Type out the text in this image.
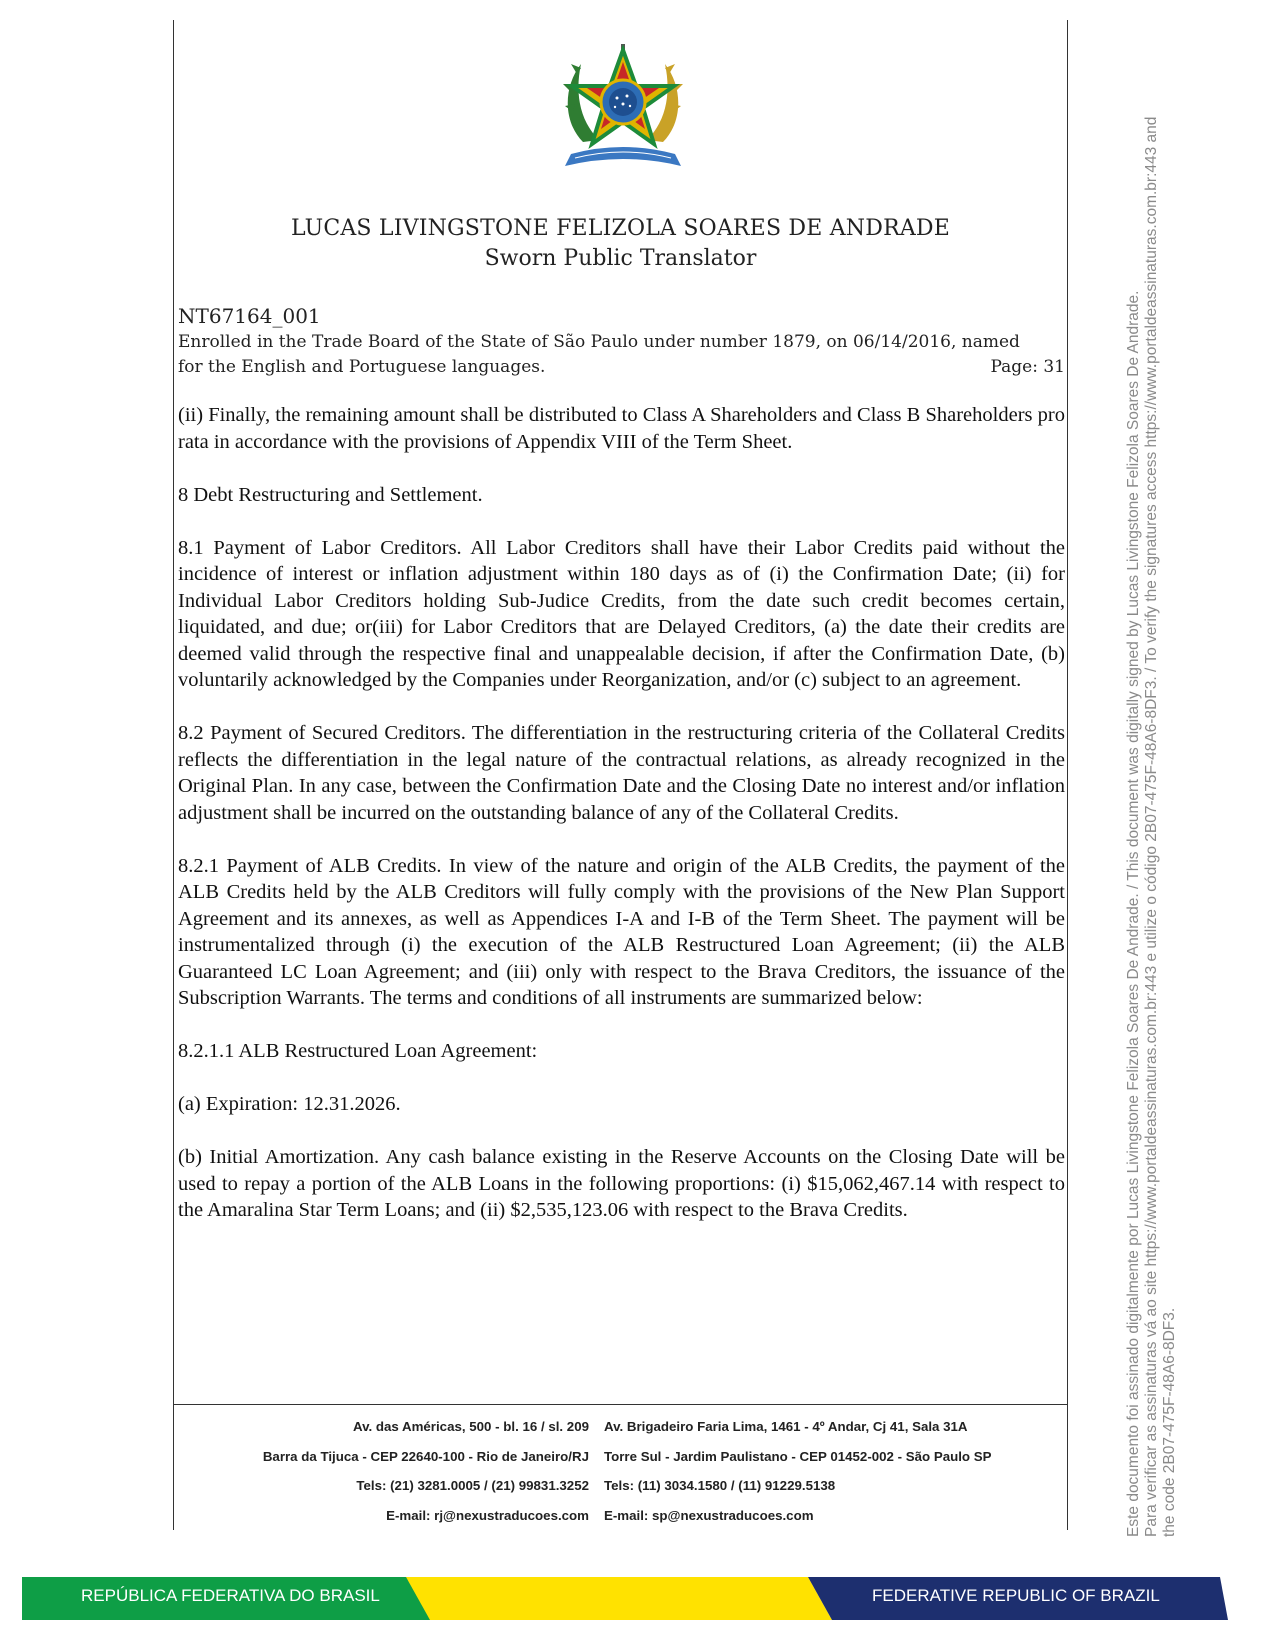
LUCAS LIVINGSTONE FELIZOLA SOARES DE ANDRADE
Sworn Public Translator
NT67164_001
Enrolled in the Trade Board of the State of São Paulo under number 1879, on 06/14/2016, named
for the English and Portuguese languages.	Page: 31

(ii) Finally, the remaining amount shall be distributed to Class A Shareholders and Class B Shareholders pro rata in accordance with the provisions of Appendix VIII of the Term Sheet.

8 Debt Restructuring and Settlement.

8.1 Payment of Labor Creditors. All Labor Creditors shall have their Labor Credits paid without the incidence of interest or inflation adjustment within 180 days as of (i) the Confirmation Date; (ii) for Individual Labor Creditors holding Sub-Judice Credits, from the date such credit becomes certain, liquidated, and due; or(iii) for Labor Creditors that are Delayed Creditors, (a) the date their credits are deemed valid through the respective final and unappealable decision, if after the Confirmation Date, (b) voluntarily acknowledged by the Companies under Reorganization, and/or (c) subject to an agreement.

8.2 Payment of Secured Creditors. The differentiation in the restructuring criteria of the Collateral Credits reflects the differentiation in the legal nature of the contractual relations, as already recognized in the Original Plan. In any case, between the Confirmation Date and the Closing Date no interest and/or inflation adjustment shall be incurred on the outstanding balance of any of the Collateral Credits.

8.2.1 Payment of ALB Credits. In view of the nature and origin of the ALB Credits, the payment of the ALB Credits held by the ALB Creditors will fully comply with the provisions of the New Plan Support Agreement and its annexes, as well as Appendices I-A and I-B of the Term Sheet. The payment will be instrumentalized through (i) the execution of the ALB Restructured Loan Agreement; (ii) the ALB Guaranteed LC Loan Agreement; and (iii) only with respect to the Brava Creditors, the issuance of the Subscription Warrants. The terms and conditions of all instruments are summarized below:

8.2.1.1 ALB Restructured Loan Agreement:

(a) Expiration: 12.31.2026.

(b) Initial Amortization. Any cash balance existing in the Reserve Accounts on the Closing Date will be used to repay a portion of the ALB Loans in the following proportions: (i) $15,062,467.14 with respect to the Amaralina Star Term Loans; and (ii) $2,535,123.06 with respect to the Brava Credits.

Av. das Américas, 500 - bl. 16 / sl. 209
Barra da Tijuca - CEP 22640-100 - Rio de Janeiro/RJ
Tels: (21) 3281.0005 / (21) 99831.3252
E-mail: rj@nexustraducoes.com
Av. Brigadeiro Faria Lima, 1461 - 4º Andar, Cj 41, Sala 31A
Torre Sul - Jardim Paulistano - CEP 01452-002 - São Paulo SP
Tels: (11) 3034.1580 / (11) 91229.5138
E-mail: sp@nexustraducoes.com	Este documento foi assinado digitalmente por Lucas Livingstone Felizola Soares De Andrade. / This document was digitally signed by Lucas Livingstone Felizola Soares De Andrade. Para verificar as assinaturas vá ao site https://www.portaldeassinaturas.com.br:443 e utilize o código 2B07-475F-48A6-8DF3. / To verify the signatures access https://www.portaldeassinaturas.com.br:443 and the code 2B07-475F-48A6-8DF3.
REPÚBLICA FEDERATIVA DO BRASIL	FEDERATIVE REPUBLIC OF BRAZIL
